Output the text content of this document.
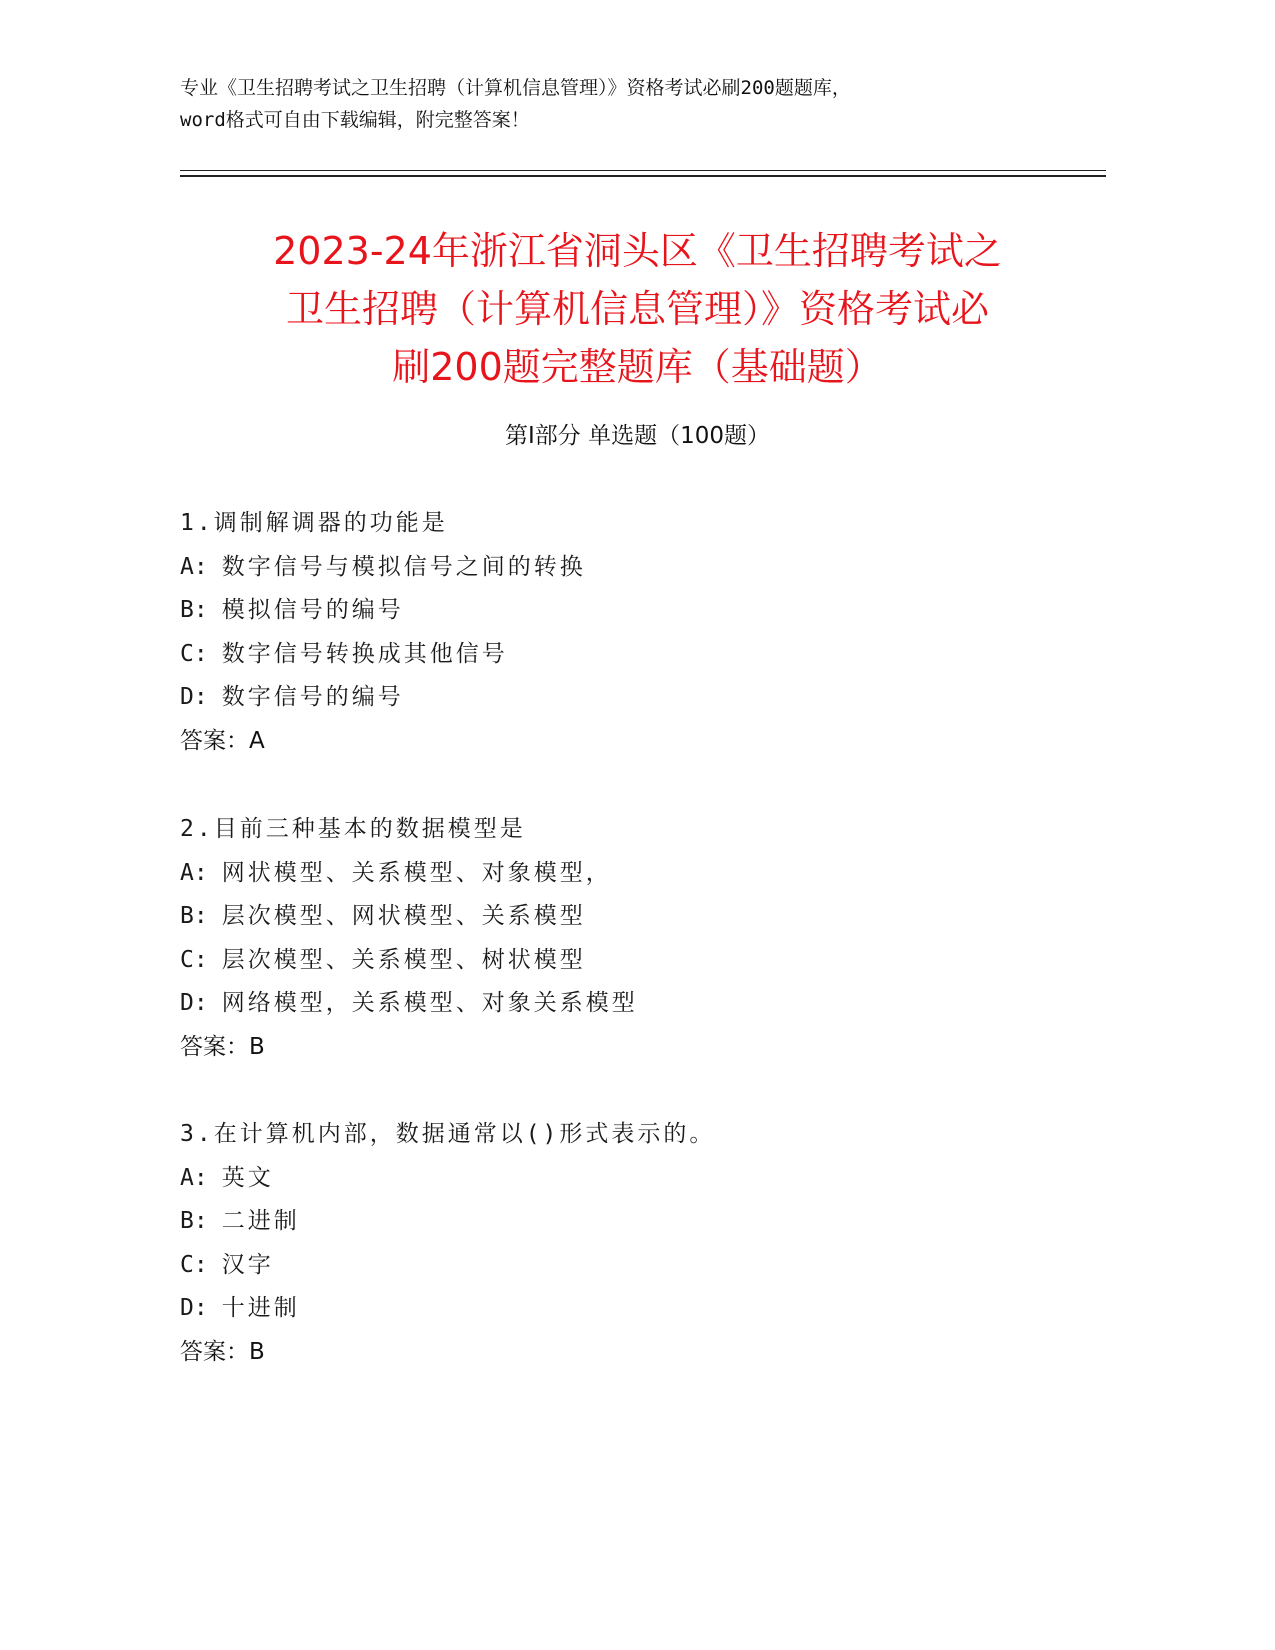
专业《卫生招聘考试之卫生招聘（计算机信息管理）》资格考试必刷200题题库，
word格式可自由下载编辑，附完整答案！
2023-24年浙江省洞头区《卫生招聘考试之
卫生招聘（计算机信息管理）》资格考试必
刷200题完整题库（基础题）
第Ⅰ部分 单选题（100题）
1.调制解调器的功能是
A: 数字信号与模拟信号之间的转换
B: 模拟信号的编号
C: 数字信号转换成其他信号
D: 数字信号的编号
答案：A
2.目前三种基本的数据模型是
A: 网状模型、关系模型、对象模型，
B: 层次模型、网状模型、关系模型
C: 层次模型、关系模型、树状模型
D: 网络模型，关系模型、对象关系模型
答案：B
3.在计算机内部，数据通常以()形式表示的。
A: 英文
B: 二进制
C: 汉字
D: 十进制
答案：B
